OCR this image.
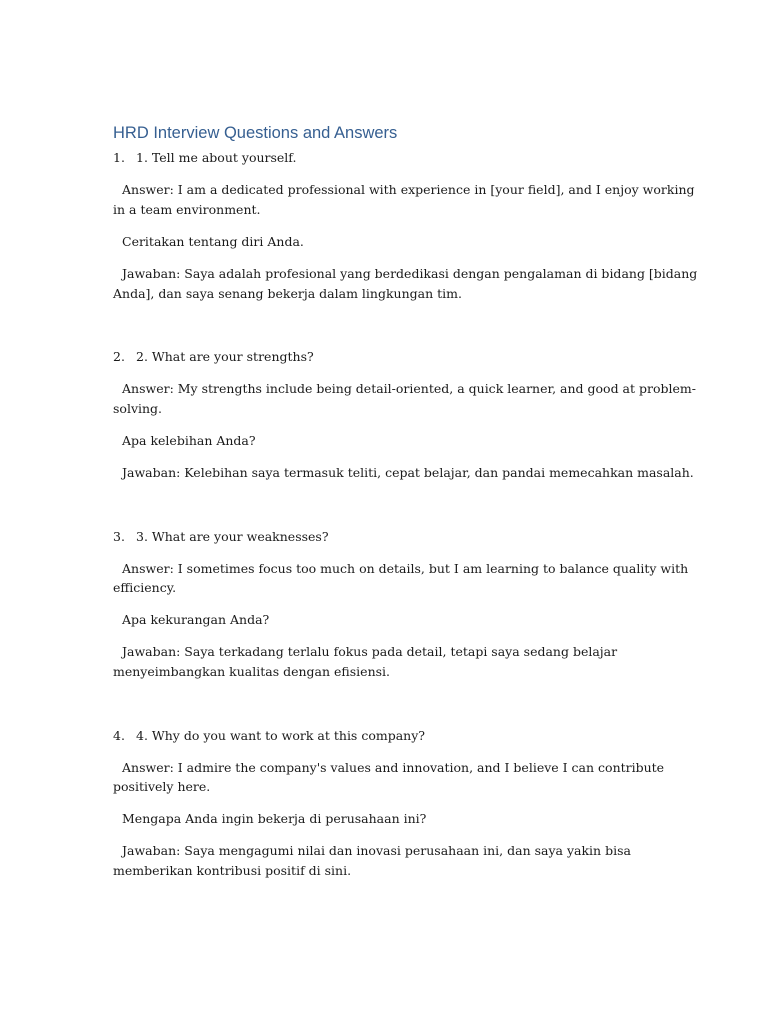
HRD Interview Questions and Answers
1. 1. Tell me about yourself.
Answer: I am a dedicated professional with experience in [your field], and I enjoy working
in a team environment.
Ceritakan tentang diri Anda.
Jawaban: Saya adalah profesional yang berdedikasi dengan pengalaman di bidang [bidang
Anda], dan saya senang bekerja dalam lingkungan tim.
2. 2. What are your strengths?
Answer: My strengths include being detail-oriented, a quick learner, and good at problem-
solving.
Apa kelebihan Anda?
Jawaban: Kelebihan saya termasuk teliti, cepat belajar, dan pandai memecahkan masalah.
3. 3. What are your weaknesses?
Answer: I sometimes focus too much on details, but I am learning to balance quality with
efficiency.
Apa kekurangan Anda?
Jawaban: Saya terkadang terlalu fokus pada detail, tetapi saya sedang belajar
menyeimbangkan kualitas dengan efisiensi.
4. 4. Why do you want to work at this company?
Answer: I admire the company's values and innovation, and I believe I can contribute
positively here.
Mengapa Anda ingin bekerja di perusahaan ini?
Jawaban: Saya mengagumi nilai dan inovasi perusahaan ini, dan saya yakin bisa
memberikan kontribusi positif di sini.
